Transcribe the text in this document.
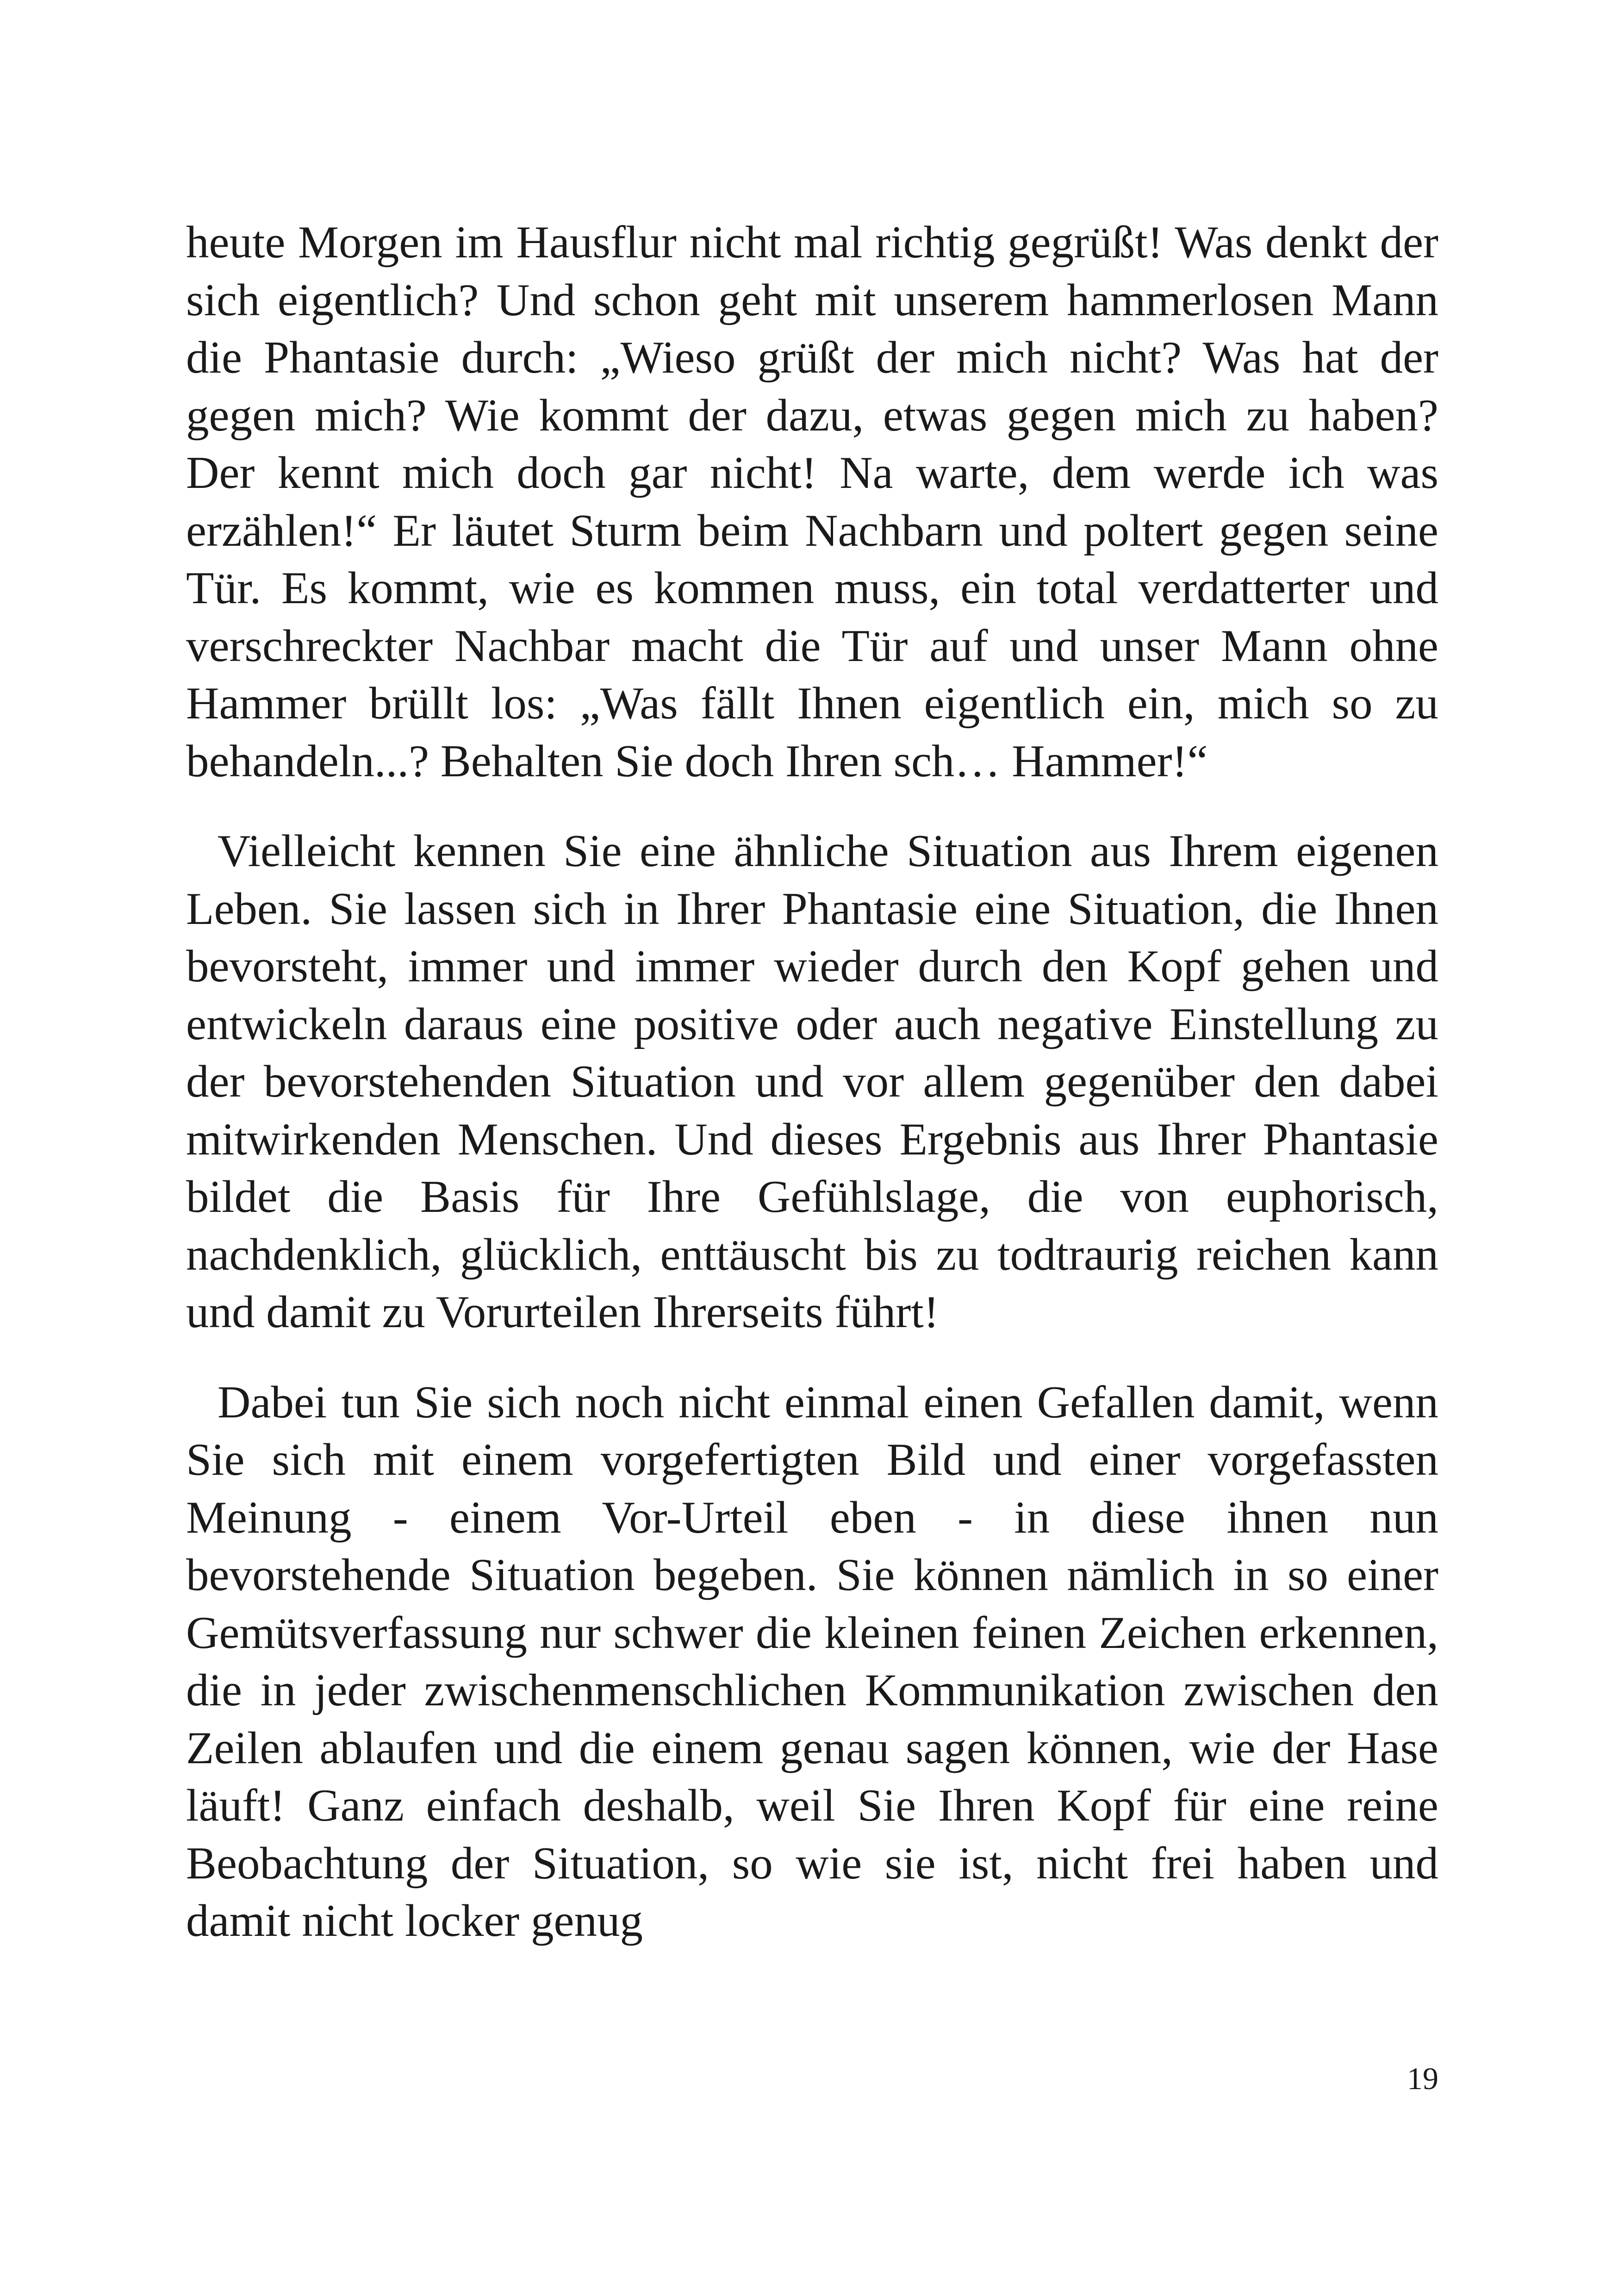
heute Morgen im Hausflur nicht mal richtig gegrüßt! Was denkt der sich eigentlich? Und schon geht mit unserem hammerlosen Mann die Phantasie durch: „Wieso grüßt der mich nicht? Was hat der gegen mich? Wie kommt der dazu, etwas gegen mich zu haben? Der kennt mich doch gar nicht! Na warte, dem werde ich was erzählen!“ Er läutet Sturm beim Nachbarn und poltert gegen seine Tür. Es kommt, wie es kommen muss, ein total verdatterter und verschreckter Nachbar macht die Tür auf und unser Mann ohne Hammer brüllt los: „Was fällt Ihnen eigentlich ein, mich so zu behandeln...? Behalten Sie doch Ihren sch… Hammer!“

Vielleicht kennen Sie eine ähnliche Situation aus Ihrem eigenen Leben. Sie lassen sich in Ihrer Phantasie eine Situation, die Ihnen bevorsteht, immer und immer wieder durch den Kopf gehen und entwickeln daraus eine positive oder auch negative Einstellung zu der bevorstehenden Situation und vor allem gegenüber den dabei mitwirkenden Menschen. Und dieses Ergebnis aus Ihrer Phantasie bildet die Basis für Ihre Gefühlslage, die von euphorisch, nachdenklich, glücklich, enttäuscht bis zu todtraurig reichen kann und damit zu Vorurteilen Ihrerseits führt!

Dabei tun Sie sich noch nicht einmal einen Gefallen damit, wenn Sie sich mit einem vorgefertigten Bild und einer vorgefassten Meinung - einem Vor-Urteil eben - in diese ihnen nun bevorstehende Situation begeben. Sie können nämlich in so einer Gemütsverfassung nur schwer die kleinen feinen Zeichen erkennen, die in jeder zwischenmenschlichen Kommunikation zwischen den Zeilen ablaufen und die einem genau sagen können, wie der Hase läuft! Ganz einfach deshalb, weil Sie Ihren Kopf für eine reine Beobachtung der Situation, so wie sie ist, nicht frei haben und damit nicht locker genug

19
